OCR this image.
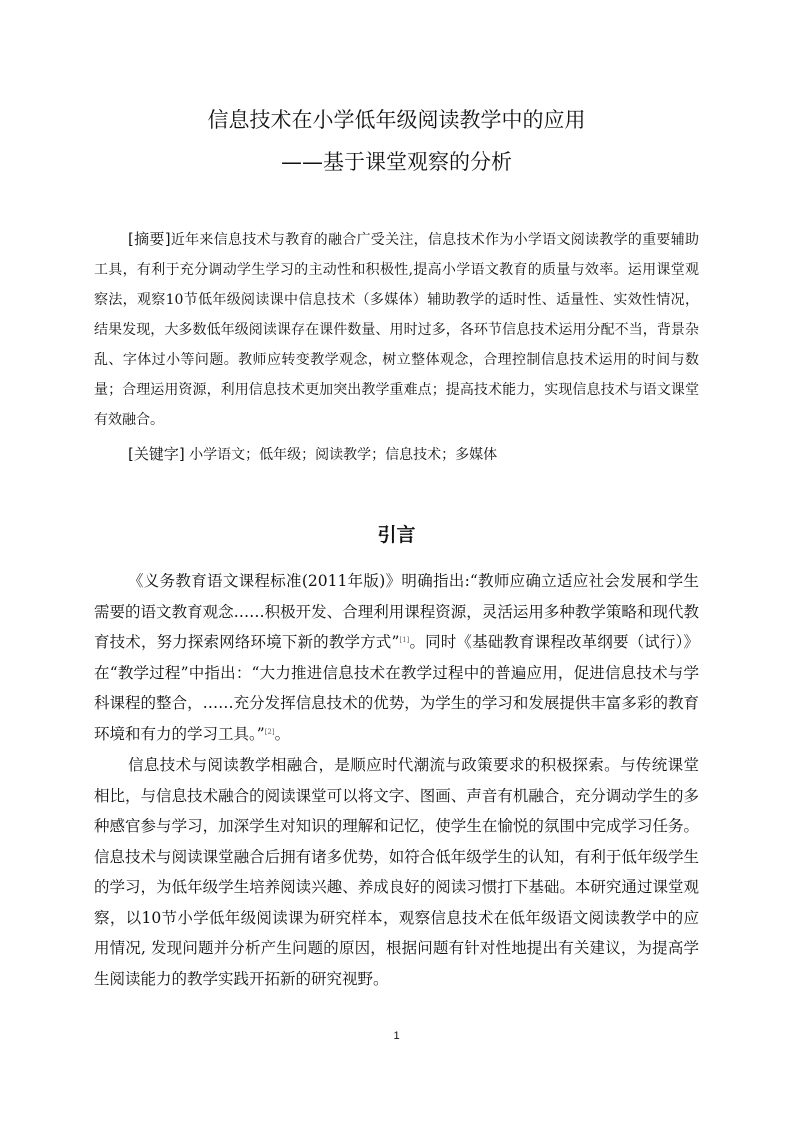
信息技术在小学低年级阅读教学中的应用
——基于课堂观察的分析

[摘要]近年来信息技术与教育的融合广受关注，信息技术作为小学语文阅读教学的重要辅助工具，有利于充分调动学生学习的主动性和积极性,提高小学语文教育的质量与效率。运用课堂观察法，观察10节低年级阅读课中信息技术（多媒体）辅助教学的适时性、适量性、实效性情况，结果发现，大多数低年级阅读课存在课件数量、用时过多，各环节信息技术运用分配不当，背景杂乱、字体过小等问题。教师应转变教学观念，树立整体观念，合理控制信息技术运用的时间与数量；合理运用资源，利用信息技术更加突出教学重难点；提高技术能力，实现信息技术与语文课堂有效融合。

[关键字] 小学语文；低年级；阅读教学；信息技术；多媒体

引言

《义务教育语文课程标准(2011年版)》明确指出:“教师应确立适应社会发展和学生需要的语文教育观念……积极开发、合理利用课程资源，灵活运用多种教学策略和现代教育技术，努力探索网络环境下新的教学方式”[1]。同时《基础教育课程改革纲要（试行）》在“教学过程”中指出：“大力推进信息技术在教学过程中的普遍应用，促进信息技术与学科课程的整合，……充分发挥信息技术的优势，为学生的学习和发展提供丰富多彩的教育环境和有力的学习工具。”[2]。

信息技术与阅读教学相融合，是顺应时代潮流与政策要求的积极探索。与传统课堂相比，与信息技术融合的阅读课堂可以将文字、图画、声音有机融合，充分调动学生的多种感官参与学习，加深学生对知识的理解和记忆，使学生在愉悦的氛围中完成学习任务。信息技术与阅读课堂融合后拥有诸多优势，如符合低年级学生的认知，有利于低年级学生的学习，为低年级学生培养阅读兴趣、养成良好的阅读习惯打下基础。本研究通过课堂观察，以10节小学低年级阅读课为研究样本，观察信息技术在低年级语文阅读教学中的应用情况, 发现问题并分析产生问题的原因，根据问题有针对性地提出有关建议，为提高学生阅读能力的教学实践开拓新的研究视野。

1
